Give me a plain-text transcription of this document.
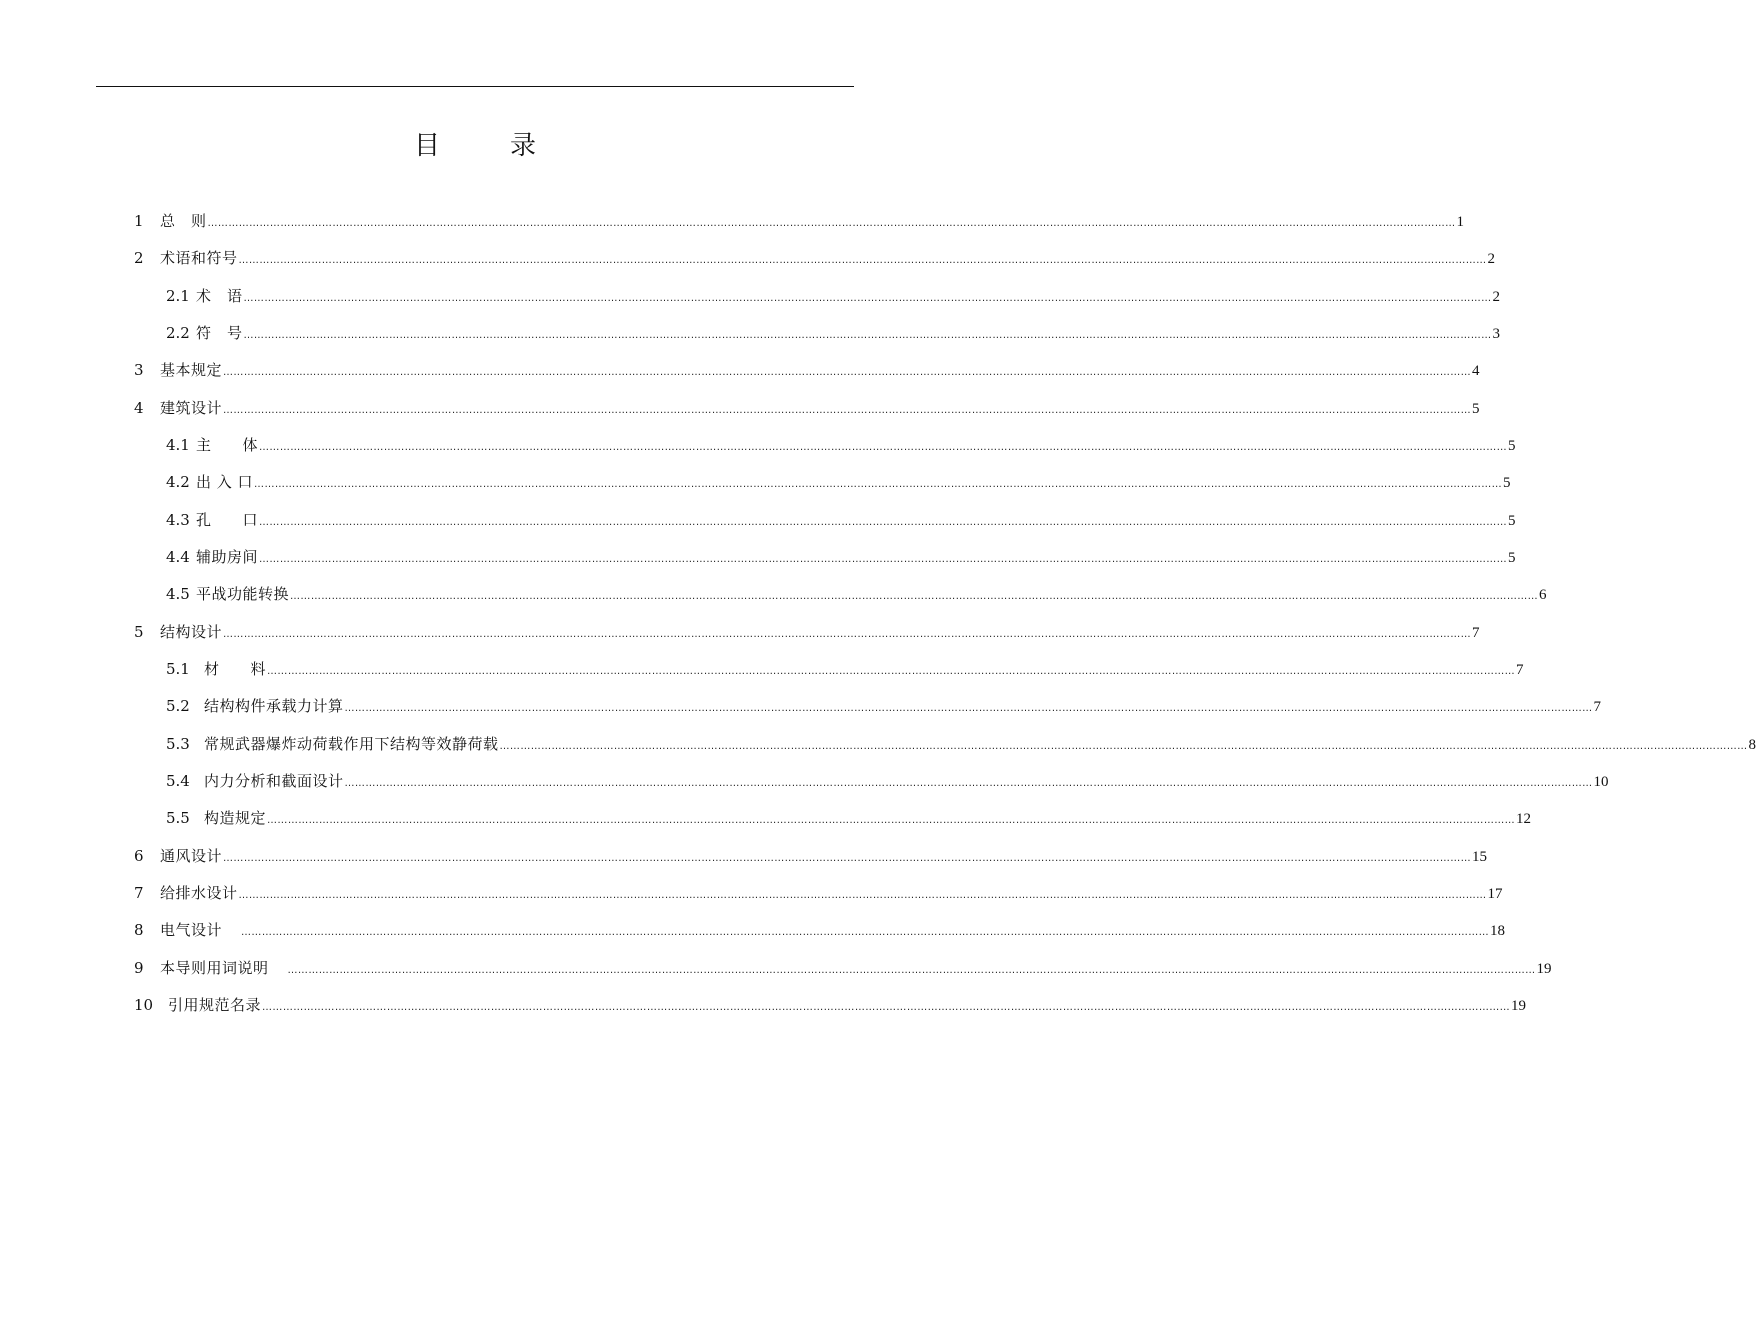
目	录
1	总　则 ……………………………………………………………………………………………………………………………………………………………………………………………………………………………………………………………………………………………………………………………… 1
2	术语和符号 ……………………………………………………………………………………………………………………………………………………………………………………………………………………………………………………………………………………………………………………………… 2
2.1 术　语 ……………………………………………………………………………………………………………………………………………………………………………………………………………………………………………………………………………………………………………………………… 2
2.2 符　号 ……………………………………………………………………………………………………………………………………………………………………………………………………………………………………………………………………………………………………………………………… 3
3	基本规定 ……………………………………………………………………………………………………………………………………………………………………………………………………………………………………………………………………………………………………………………………… 4
4	建筑设计 ……………………………………………………………………………………………………………………………………………………………………………………………………………………………………………………………………………………………………………………………… 5
4.1 主　　体 ……………………………………………………………………………………………………………………………………………………………………………………………………………………………………………………………………………………………………………………………… 5
4.2 出 入 口 ……………………………………………………………………………………………………………………………………………………………………………………………………………………………………………………………………………………………………………………………… 5
4.3 孔　　口 ……………………………………………………………………………………………………………………………………………………………………………………………………………………………………………………………………………………………………………………………… 5
4.4 辅助房间 ……………………………………………………………………………………………………………………………………………………………………………………………………………………………………………………………………………………………………………………………… 5
4.5 平战功能转换 ……………………………………………………………………………………………………………………………………………………………………………………………………………………………………………………………………………………………………………………………… 6
5	结构设计 ……………………………………………………………………………………………………………………………………………………………………………………………………………………………………………………………………………………………………………………………… 7
5.1 材　　料 ……………………………………………………………………………………………………………………………………………………………………………………………………………………………………………………………………………………………………………………………… 7
5.2 结构构件承载力计算 ……………………………………………………………………………………………………………………………………………………………………………………………………………………………………………………………………………………………………………………………… 7
5.3 常规武器爆炸动荷载作用下结构等效静荷载 ……………………………………………………………………………………………………………………………………………………………………………………………………………………………………………………………………………………………………………………………… 8
5.4 内力分析和截面设计 ……………………………………………………………………………………………………………………………………………………………………………………………………………………………………………………………………………………………………………………………… 10
5.5 构造规定 ……………………………………………………………………………………………………………………………………………………………………………………………………………………………………………………………………………………………………………………………… 12
6	通风设计 ……………………………………………………………………………………………………………………………………………………………………………………………………………………………………………………………………………………………………………………………… 15
7	给排水设计 ……………………………………………………………………………………………………………………………………………………………………………………………………………………………………………………………………………………………………………………………… 17
8	电气设计 ……………………………………………………………………………………………………………………………………………………………………………………………………………………………………………………………………………………………………………………………… 18
9	本导则用词说明 ……………………………………………………………………………………………………………………………………………………………………………………………………………………………………………………………………………………………………………………………… 19
10 引用规范名录 ……………………………………………………………………………………………………………………………………………………………………………………………………………………………………………………………………………………………………………………………… 19
